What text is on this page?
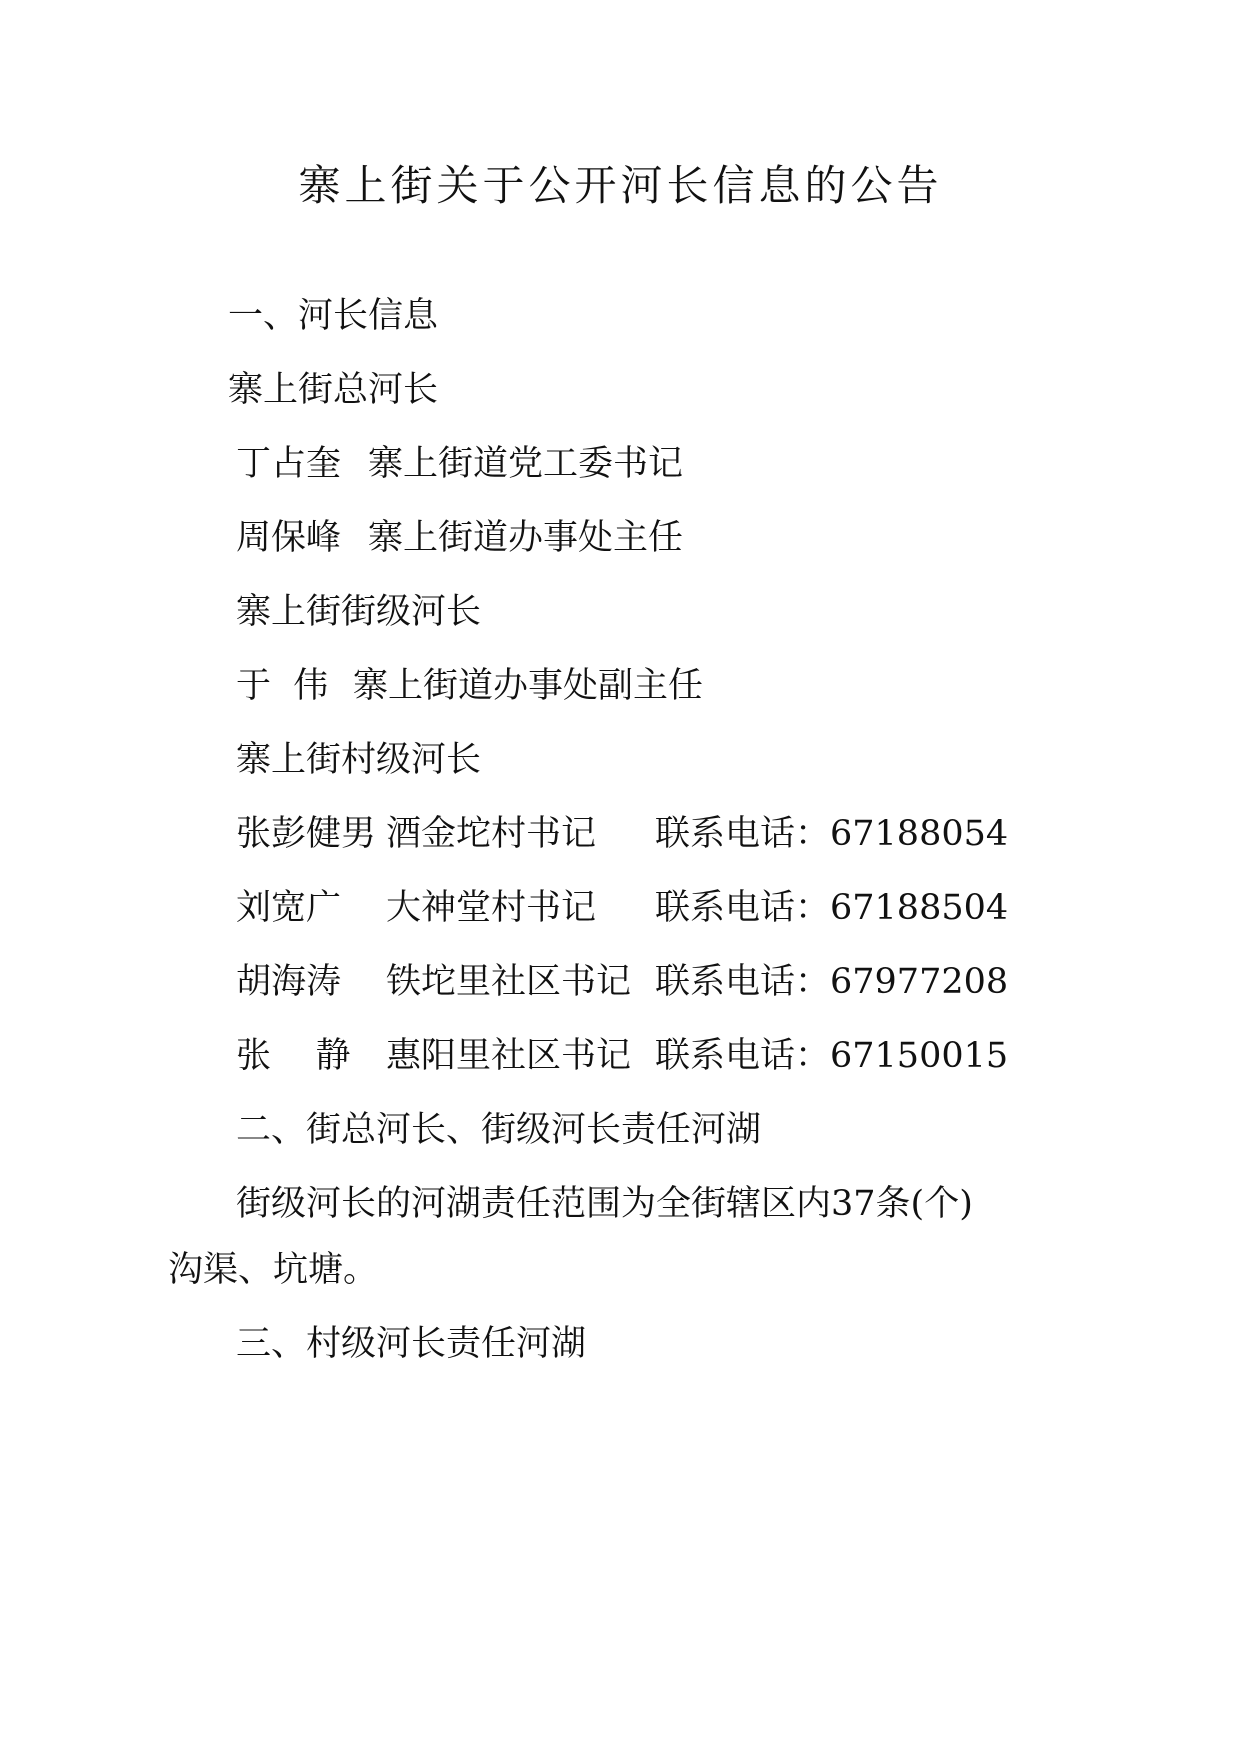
寨上街关于公开河长信息的公告
一、河长信息
寨上街总河长
丁占奎 寨上街道党工委书记
周保峰 寨上街道办事处主任
寨上街街级河长
于  伟 寨上街道办事处副主任
寨上街村级河长
张彭健男 酒金坨村书记 联系电话：67188054
刘宽广 大神堂村书记 联系电话：67188504
胡海涛 铁坨里社区书记 联系电话：67977208
张    静 惠阳里社区书记 联系电话：67150015
二、街总河长、街级河长责任河湖
街级河长的河湖责任范围为全街辖区内37条(个)
沟渠、坑塘。
三、村级河长责任河湖
